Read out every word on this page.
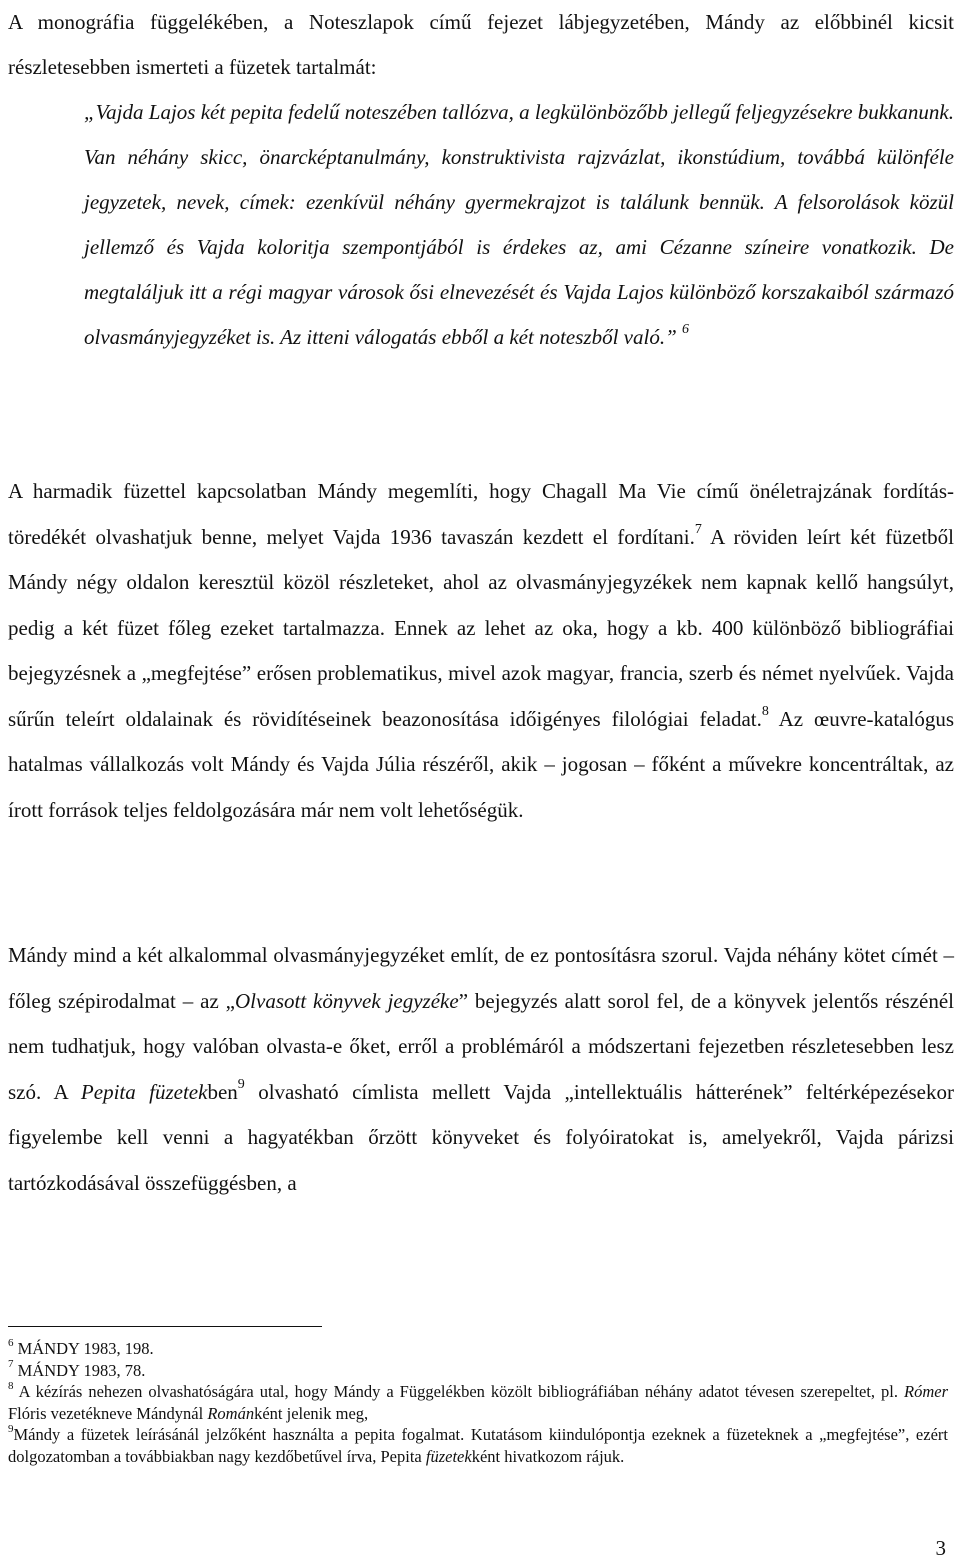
A monográfia függelékében, a Noteszlapok című fejezet lábjegyzetében, Mándy az előbbinél kicsit részletesebben ismerteti a füzetek tartalmát:

„Vajda Lajos két pepita fedelű noteszében tallózva, a legkülönbözőbb jellegű feljegyzésekre bukkanunk. Van néhány skicc, önarcképtanulmány, konstruktivista rajzvázlat, ikonstúdium, továbbá különféle jegyzetek, nevek, címek: ezenkívül néhány gyermekrajzot is találunk bennük. A felsorolások közül jellemző és Vajda koloritja szempontjából is érdekes az, ami Cézanne színeire vonatkozik. De megtaláljuk itt a régi magyar városok ősi elnevezését és Vajda Lajos különböző korszakaiból származó olvasmányjegyzéket is. Az itteni válogatás ebből a két noteszből való.” $^6$

A harmadik füzettel kapcsolatban Mándy megemlíti, hogy Chagall Ma Vie című önéletrajzának fordítás-töredékét olvashatjuk benne, melyet Vajda 1936 tavaszán kezdett el fordítani.$^7$ A röviden leírt két füzetből Mándy négy oldalon keresztül közöl részleteket, ahol az olvasmányjegyzékek nem kapnak kellő hangsúlyt, pedig a két füzet főleg ezeket tartalmazza. Ennek az lehet az oka, hogy a kb. 400 különböző bibliográfiai bejegyzésnek a „megfejtése” erősen problematikus, mivel azok magyar, francia, szerb és német nyelvűek. Vajda sűrűn teleírt oldalainak és rövidítéseinek beazonosítása időigényes filológiai feladat.$^8$ Az œuvre-katalógus hatalmas vállalkozás volt Mándy és Vajda Júlia részéről, akik – jogosan – főként a művekre koncentráltak, az írott források teljes feldolgozására már nem volt lehetőségük.

Mándy mind a két alkalommal olvasmányjegyzéket említ, de ez pontosításra szorul. Vajda néhány kötet címét – főleg szépirodalmat – az „Olvasott könyvek jegyzéke” bejegyzés alatt sorol fel, de a könyvek jelentős részénél nem tudhatjuk, hogy valóban olvasta-e őket, erről a problémáról a módszertani fejezetben részletesebben lesz szó. A Pepita füzetekben$^9$ olvasható címlista mellett Vajda „intellektuális hátterének” feltérképezésekor figyelembe kell venni a hagyatékban őrzött könyveket és folyóiratokat is, amelyekről, Vajda párizsi tartózkodásával összefüggésben, a

$^6$ MÁNDY 1983, 198.

$^7$ MÁNDY 1983, 78.

$^8$ A kézírás nehezen olvashatóságára utal, hogy Mándy a Függelékben közölt bibliográfiában néhány adatot tévesen szerepeltet, pl. Rómer Flóris vezetékneve Mándynál Románként jelenik meg,

$^9$Mándy a füzetek leírásánál jelzőként használta a pepita fogalmat. Kutatásom kiindulópontja ezeknek a füzeteknek a „megfejtése”, ezért dolgozatomban a továbbiakban nagy kezdőbetűvel írva, Pepita füzetekként hivatkozom rájuk.

3
